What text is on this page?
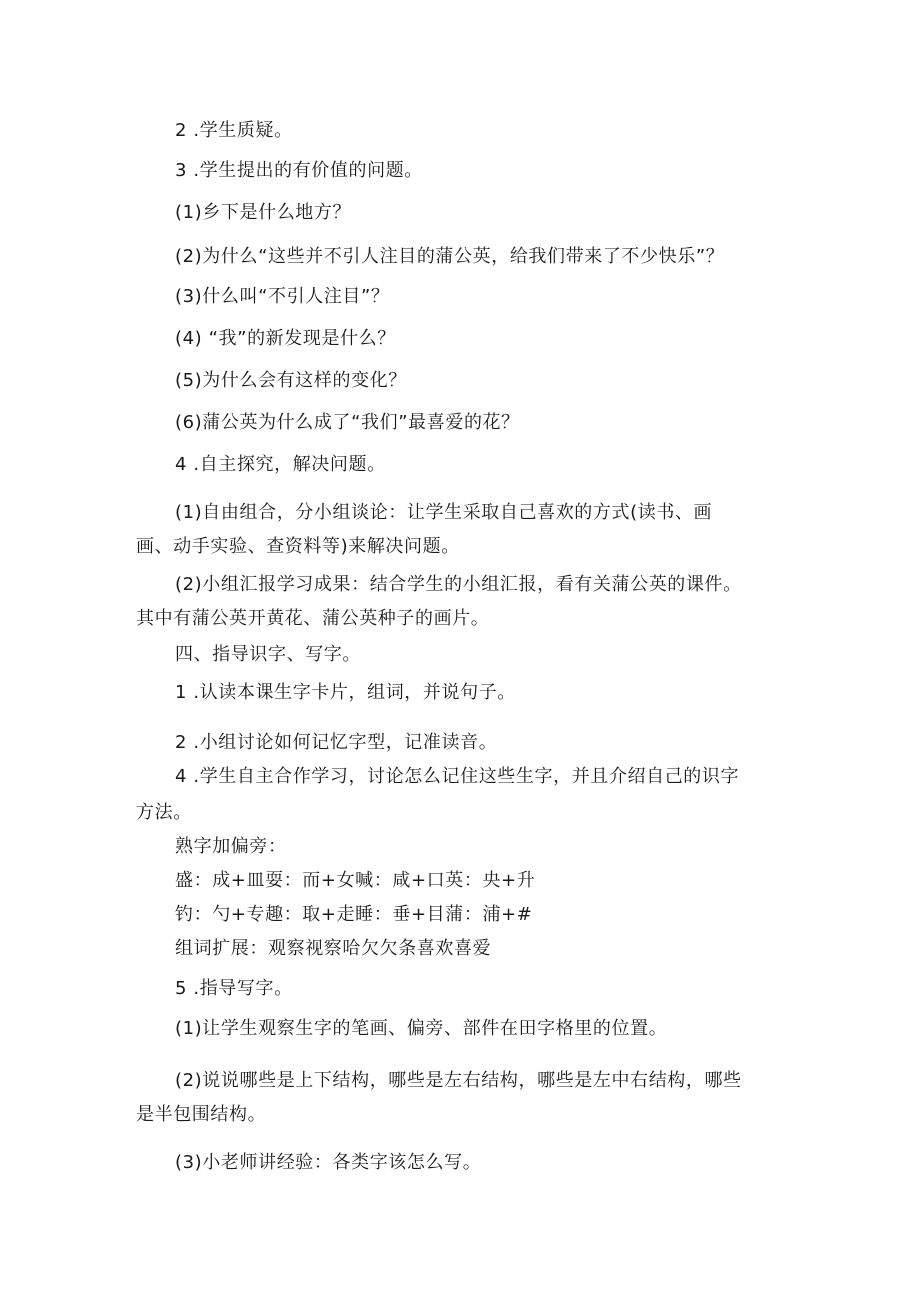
2 .学生质疑。
3 .学生提出的有价值的问题。
(1)乡下是什么地方？
(2)为什么“这些并不引人注目的蒲公英，给我们带来了不少快乐”？
(3)什么叫“不引人注目”？
(4) “我”的新发现是什么？
(5)为什么会有这样的变化？
(6)蒲公英为什么成了“我们”最喜爱的花？
4 .自主探究，解决问题。
(1)自由组合，分小组谈论：让学生采取自己喜欢的方式(读书、画
画、动手实验、查资料等)来解决问题。
(2)小组汇报学习成果：结合学生的小组汇报，看有关蒲公英的课件。
其中有蒲公英开黄花、蒲公英种子的画片。
四、指导识字、写字。
1 .认读本课生字卡片，组词，并说句子。
2 .小组讨论如何记忆字型，记准读音。
4 .学生自主合作学习，讨论怎么记住这些生字，并且介绍自己的识字
方法。
熟字加偏旁：
盛：成+皿耍：而+女喊：咸+口英：央+升
钓：勺+专趣：取+走睡：垂+目蒲：浦+#
组词扩展：观察视察哈欠欠条喜欢喜爱
5 .指导写字。
(1)让学生观察生字的笔画、偏旁、部件在田字格里的位置。
(2)说说哪些是上下结构，哪些是左右结构，哪些是左中右结构，哪些
是半包围结构。
(3)小老师讲经验：各类字该怎么写。
